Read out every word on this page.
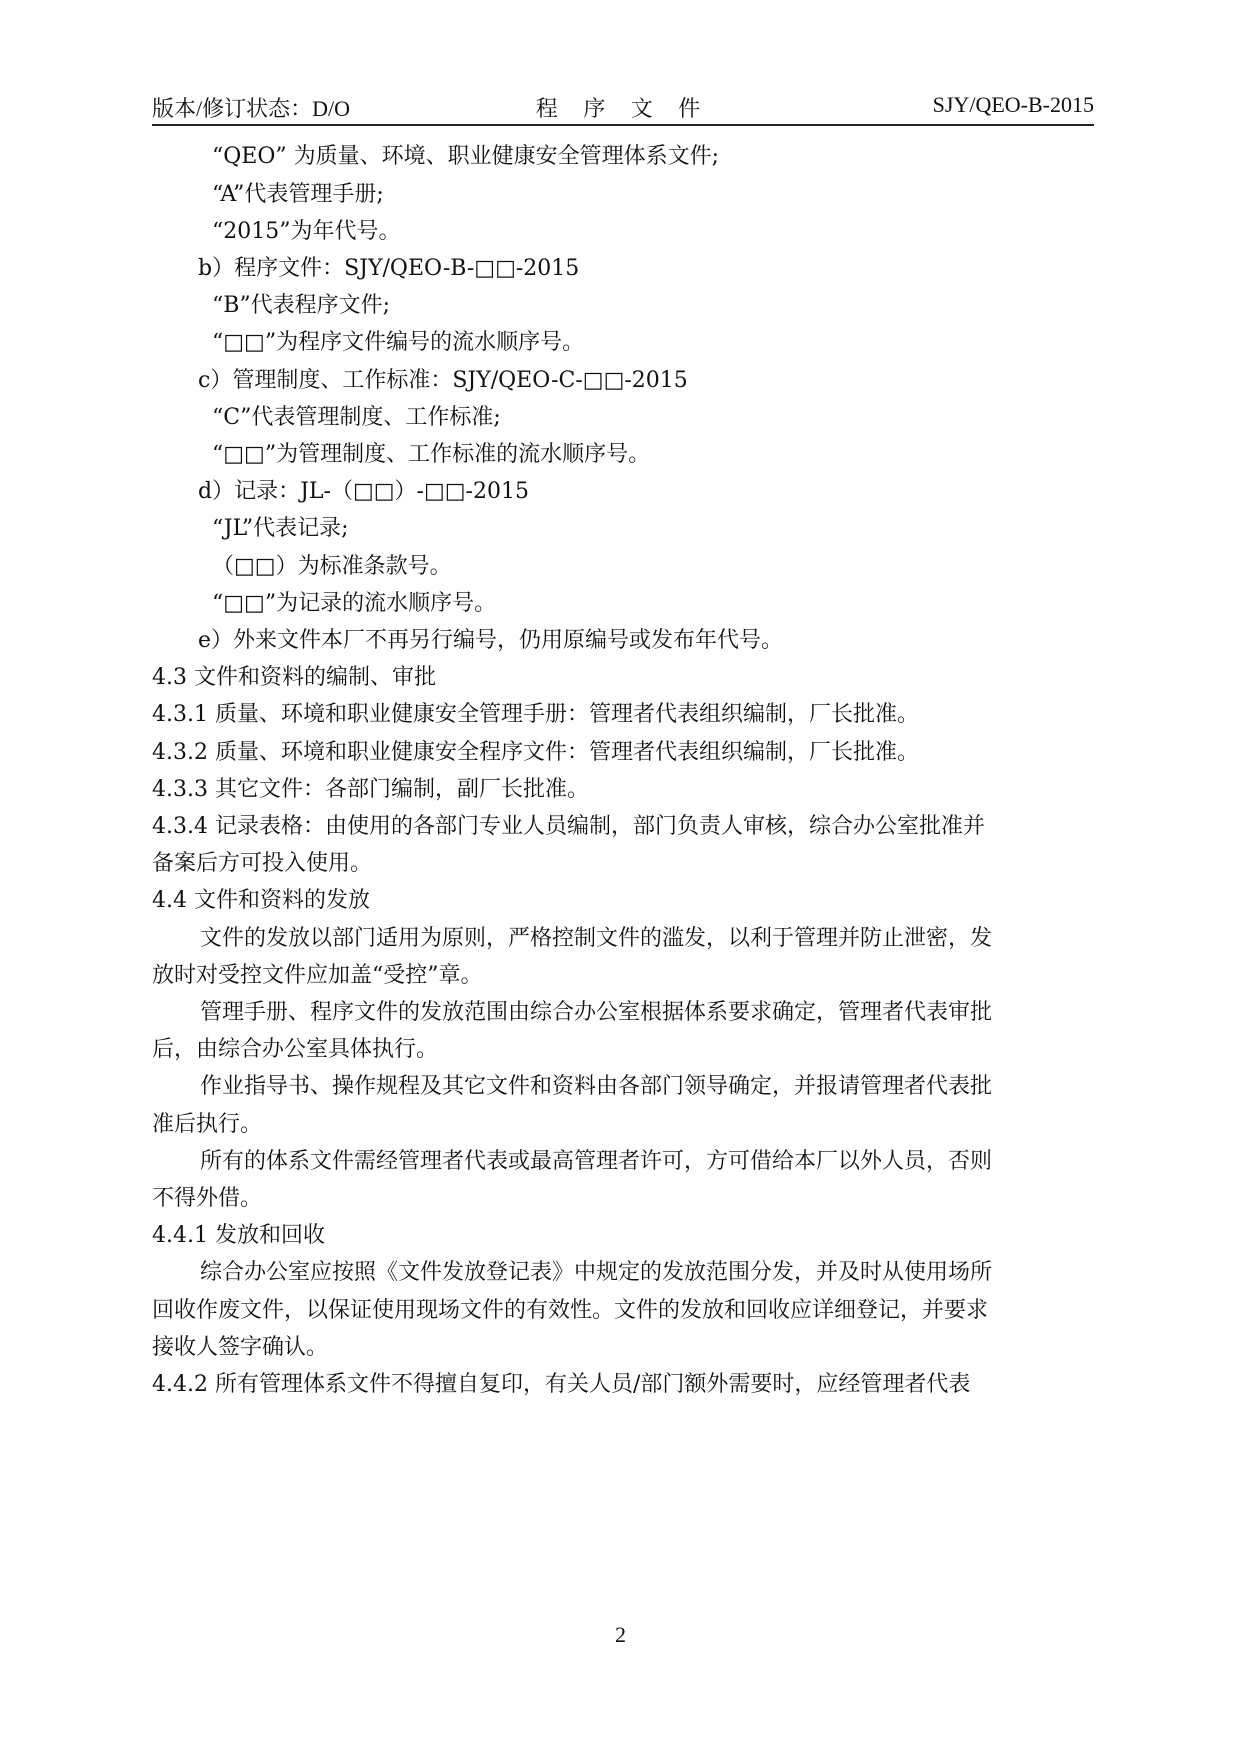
版本/修订状态：D/O	程 序 文 件	SJY/QEO-B-2015
“QEO” 为质量、环境、职业健康安全管理体系文件;
“A”代表管理手册;
“2015”为年代号。
b）程序文件：SJY/QEO-B-□□-2015
“B”代表程序文件;
“□□”为程序文件编号的流水顺序号。
c）管理制度、工作标准：SJY/QEO-C-□□-2015
“C”代表管理制度、工作标准;
“□□”为管理制度、工作标准的流水顺序号。
d）记录：JL-（□□）-□□-2015
“JL”代表记录;
（□□）为标准条款号。
“□□”为记录的流水顺序号。
e）外来文件本厂不再另行编号，仍用原编号或发布年代号。
4.3 文件和资料的编制、审批
4.3.1 质量、环境和职业健康安全管理手册：管理者代表组织编制，厂长批准。
4.3.2 质量、环境和职业健康安全程序文件：管理者代表组织编制，厂长批准。
4.3.3 其它文件：各部门编制，副厂长批准。
4.3.4 记录表格：由使用的各部门专业人员编制，部门负责人审核，综合办公室批准并
备案后方可投入使用。
4.4 文件和资料的发放
文件的发放以部门适用为原则，严格控制文件的滥发，以利于管理并防止泄密，发
放时对受控文件应加盖“受控”章。
管理手册、程序文件的发放范围由综合办公室根据体系要求确定，管理者代表审批
后，由综合办公室具体执行。
作业指导书、操作规程及其它文件和资料由各部门领导确定，并报请管理者代表批
准后执行。
所有的体系文件需经管理者代表或最高管理者许可，方可借给本厂以外人员，否则
不得外借。
4.4.1 发放和回收
综合办公室应按照《文件发放登记表》中规定的发放范围分发，并及时从使用场所
回收作废文件，以保证使用现场文件的有效性。文件的发放和回收应详细登记，并要求
接收人签字确认。
4.4.2 所有管理体系文件不得擅自复印，有关人员/部门额外需要时，应经管理者代表
2
